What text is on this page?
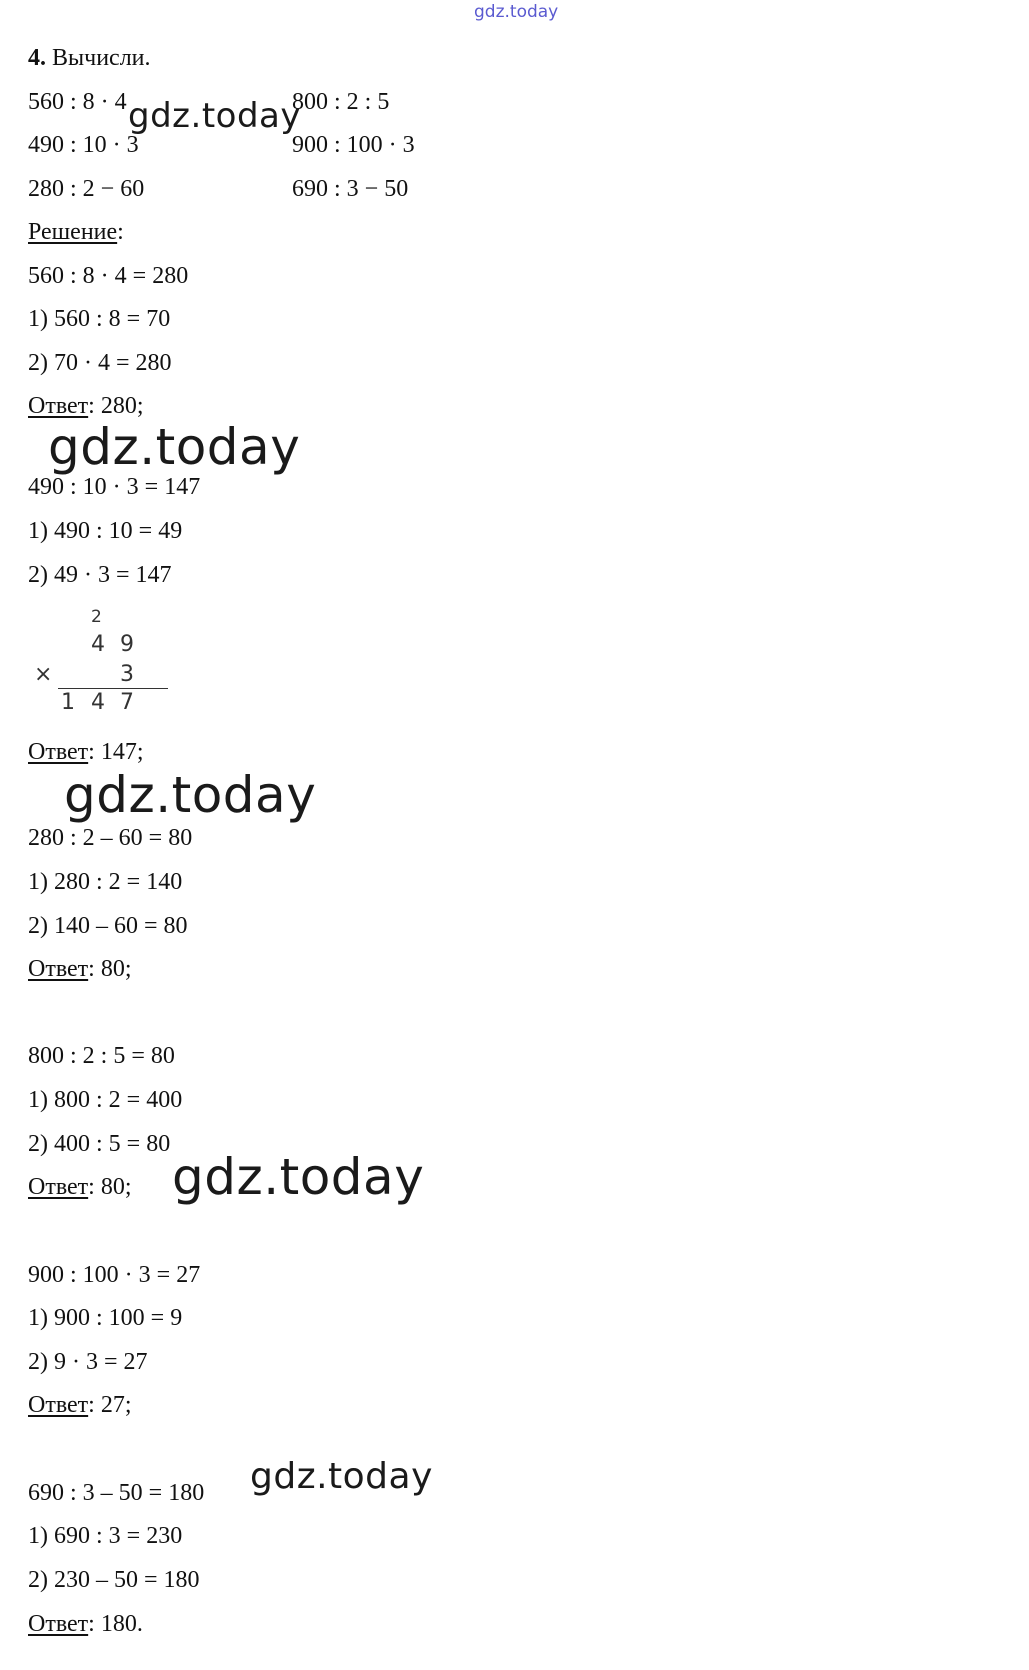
gdz.today
4. Вычисли.
560 : 8 · 4
490 : 10 · 3
280 : 2 − 60
800 : 2 : 5
900 : 100 · 3
690 : 3 − 50
gdz.today
Решение:
560 : 8 · 4 = 280
1) 560 : 8 = 70
2) 70 · 4 = 280
Ответ: 280;
gdz.today
490 : 10 · 3 = 147
1) 490 : 10 = 49
2) 49 · 3 = 147
2
4 9
×	3
1 4 7
Ответ: 147;
gdz.today
280 : 2 – 60 = 80
1) 280 : 2 = 140
2) 140 – 60 = 80
Ответ: 80;
800 : 2 : 5 = 80
1) 800 : 2 = 400
2) 400 : 5 = 80
Ответ: 80; gdz.today
900 : 100 · 3 = 27
1) 900 : 100 = 9
2) 9 · 3 = 27
Ответ: 27;
gdz.today
690 : 3 – 50 = 180
1) 690 : 3 = 230
2) 230 – 50 = 180
Ответ: 180.
